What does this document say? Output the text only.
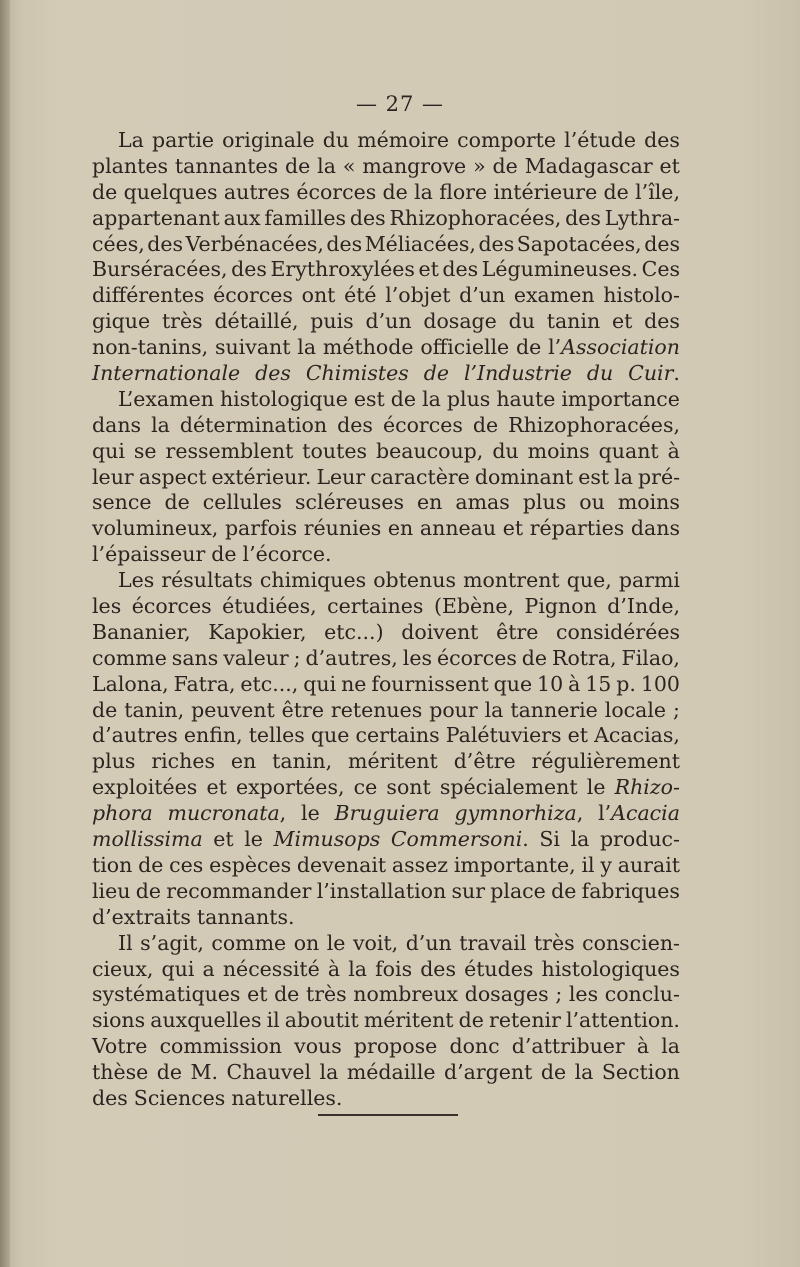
— 27 —
La partie originale du mémoire comporte l’étude des
plantes tannantes de la « mangrove » de Madagascar et
de quelques autres écorces de la flore intérieure de l’île,
appartenant aux familles des Rhizophoracées, des Lythra-
cées, des Verbénacées, des Méliacées, des Sapotacées, des
Burséracées, des Erythroxylées et des Légumineuses. Ces
différentes écorces ont été l’objet d’un examen histolo-
gique très détaillé, puis d’un dosage du tanin et des
non-tanins, suivant la méthode officielle de l’Association
Internationale des Chimistes de l’Industrie du Cuir.
L’examen histologique est de la plus haute importance
dans la détermination des écorces de Rhizophoracées,
qui se ressemblent toutes beaucoup, du moins quant à
leur aspect extérieur. Leur caractère dominant est la pré-
sence de cellules scléreuses en amas plus ou moins
volumineux, parfois réunies en anneau et réparties dans
l’épaisseur de l’écorce.
Les résultats chimiques obtenus montrent que, parmi
les écorces étudiées, certaines (Ebène, Pignon d’Inde,
Bananier, Kapokier, etc...) doivent être considérées
comme sans valeur ; d’autres, les écorces de Rotra, Filao,
Lalona, Fatra, etc..., qui ne fournissent que 10 à 15 p. 100
de tanin, peuvent être retenues pour la tannerie locale ;
d’autres enfin, telles que certains Palétuviers et Acacias,
plus riches en tanin, méritent d’être régulièrement
exploitées et exportées, ce sont spécialement le Rhizo-
phora mucronata, le Bruguiera gymnorhiza, l’Acacia
mollissima et le Mimusops Commersoni. Si la produc-
tion de ces espèces devenait assez importante, il y aurait
lieu de recommander l’installation sur place de fabriques
d’extraits tannants.
Il s’agit, comme on le voit, d’un travail très conscien-
cieux, qui a nécessité à la fois des études histologiques
systématiques et de très nombreux dosages ; les conclu-
sions auxquelles il aboutit méritent de retenir l’attention.
Votre commission vous propose donc d’attribuer à la
thèse de M. Chauvel la médaille d’argent de la Section
des Sciences naturelles.
